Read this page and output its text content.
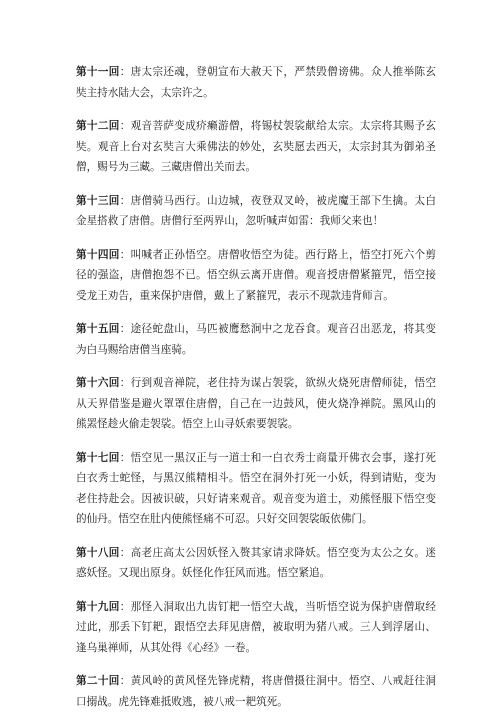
第十一回：唐太宗还魂，登朝宣布大赦天下，严禁毁僧谤佛。众人推举陈玄奘主持水陆大会，太宗许之。

第十二回：观音菩萨变成疥癞游僧，将锡杖袈裟献给太宗。太宗将其赐予玄奘。观音上台对玄奘言大乘佛法的妙处，玄奘愿去西天，太宗封其为御弟圣僧，赐号为三藏。三藏唐僧出关而去。

第十三回：唐僧骑马西行。山边城，夜登双叉岭，被虎魔王部下生擒。太白金星搭救了唐僧。唐僧行至两界山，忽听喊声如雷：我师父来也！

第十四回：叫喊者正孙悟空。唐僧收悟空为徒。西行路上，悟空打死六个剪径的强盗，唐僧抱怨不已。悟空纵云离开唐僧。观音授唐僧紧箍咒，悟空接受龙王劝告，重来保护唐僧，戴上了紧箍咒，表示不现款违背师言。

第十五回：途径蛇盘山，马匹被鹰愁涧中之龙吞食。观音召出恶龙，将其变为白马赐给唐僧当座骑。

第十六回：行到观音禅院，老住持为谋占袈裟，欲纵火烧死唐僧师徒，悟空从天界借鉴是避火罩罩住唐僧，自己在一边鼓风，使火烧净禅院。黑风山的熊罴怪趁火偷走袈裟。悟空上山寻妖索要袈裟。

第十七回：悟空见一黑汉正与一道士和一白衣秀士商量开佛衣会事，遂打死白衣秀士蛇怪，与黑汉熊精相斗。悟空在洞外打死一小妖，得到请贴，变为老住持赴会。因被识破，只好请来观音。观音变为道士，劝熊怪服下悟空变的仙丹。悟空在肚内使熊怪痛不可忍。只好交回袈裟皈依佛门。

第十八回：高老庄高太公因妖怪入赘其家请求降妖。悟空变为太公之女。迷惑妖怪。又现出原身。妖怪化作狂风而逃。悟空紧追。

第十九回：那怪入洞取出九齿钉耙一悟空大战，当听悟空说为保护唐僧取经过此，那丢下钉耙，跟悟空去拜见唐僧，被取明为猪八戒。三人到浮屠山、逢乌巢禅师，从其处得《心经》一卷。

第二十回：黄风岭的黄风怪先锋虎精，将唐僧摄往洞中。悟空、八戒赶往洞口搦战。虎先锋难抵败逃，被八戒一耙筑死。
